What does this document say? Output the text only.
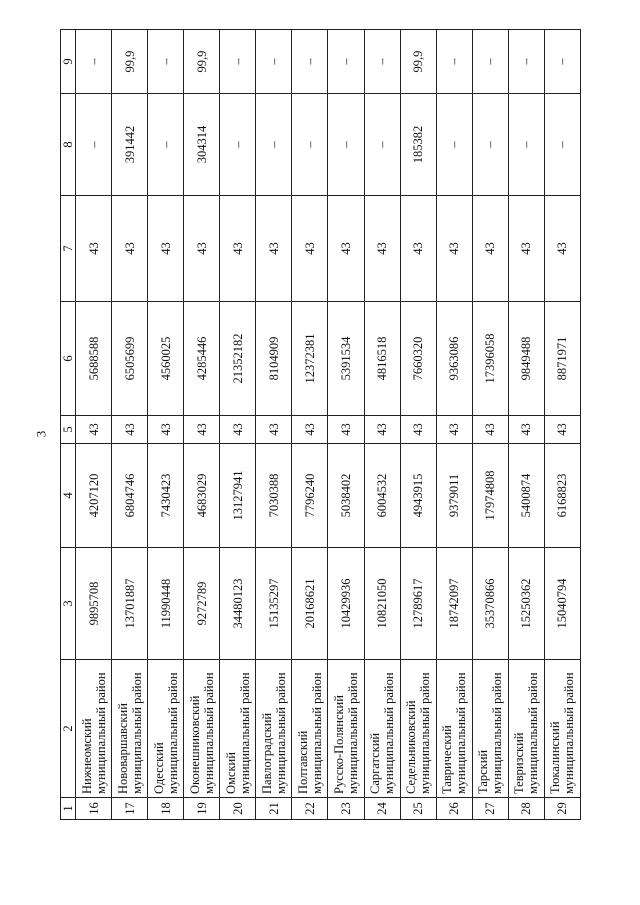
3
1	2	3	4	5	6	7	8	9
16	Нижнеомский муниципальный район	9895708	4207120	43	5688588	43	–	–
17	Нововаршавский муниципальный район	13701887	6804746	43	6505699	43	391442	99,9
18	Одесский муниципальный район	11990448	7430423	43	4560025	43	–	–
19	Оконешниковский муниципальный район	9272789	4683029	43	4285446	43	304314	99,9
20	Омский муниципальный район	34480123	13127941	43	21352182	43	–	–
21	Павлоградский муниципальный район	15135297	7030388	43	8104909	43	–	–
22	Полтавский муниципальный район	20168621	7796240	43	12372381	43	–	–
23	Русско-Полянский муниципальный район	10429936	5038402	43	5391534	43	–	–
24	Саргатский муниципальный район	10821050	6004532	43	4816518	43	–	–
25	Седельниковский муниципальный район	12789617	4943915	43	7660320	43	185382	99,9
26	Таврический муниципальный район	18742097	9379011	43	9363086	43	–	–
27	Тарский муниципальный район	35370866	17974808	43	17396058	43	–	–
28	Тевризский муниципальный район	15250362	5400874	43	9849488	43	–	–
29	Тюкалинский муниципальный район	15040794	6168823	43	8871971	43	–	–
